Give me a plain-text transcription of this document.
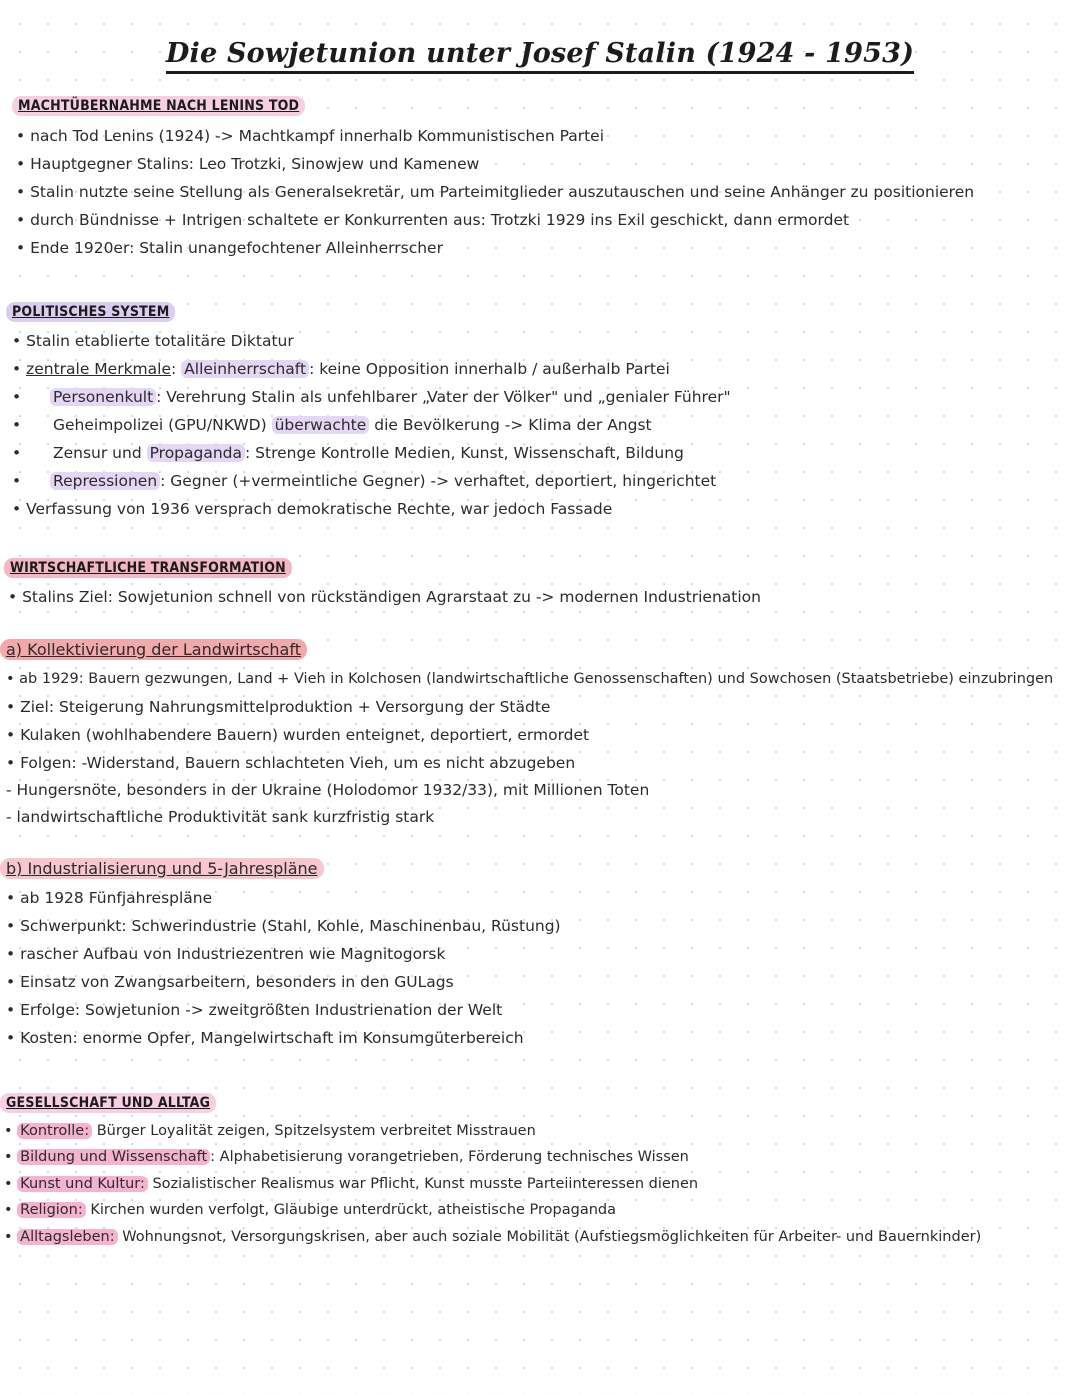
Die Sowjetunion unter Josef Stalin (1924 - 1953)
MACHTÜBERNAHME NACH LENINS TOD
• nach Tod Lenins (1924) -> Machtkampf innerhalb Kommunistischen Partei
• Hauptgegner Stalins: Leo Trotzki, Sinowjew und Kamenew
• Stalin nutzte seine Stellung als Generalsekretär, um Parteimitglieder auszutauschen und seine Anhänger zu positionieren
• durch Bündnisse + Intrigen schaltete er Konkurrenten aus: Trotzki 1929 ins Exil geschickt, dann ermordet
• Ende 1920er: Stalin unangefochtener Alleinherrscher
POLITISCHES SYSTEM
• Stalin etablierte totalitäre Diktatur
• zentrale Merkmale: Alleinherrschaft : keine Opposition innerhalb / außerhalb Partei
• Personenkult : Verehrung Stalin als unfehlbarer „Vater der Völker" und „genialer Führer"
• Geheimpolizei (GPU/NKWD) überwachte die Bevölkerung -> Klima der Angst
• Zensur und Propaganda : Strenge Kontrolle Medien, Kunst, Wissenschaft, Bildung
• Repressionen : Gegner (+vermeintliche Gegner) -> verhaftet, deportiert, hingerichtet
• Verfassung von 1936 versprach demokratische Rechte, war jedoch Fassade
WIRTSCHAFTLICHE TRANSFORMATION
• Stalins Ziel: Sowjetunion schnell von rückständigen Agrarstaat zu -> modernen Industrienation
a) Kollektivierung der Landwirtschaft
• ab 1929: Bauern gezwungen, Land + Vieh in Kolchosen (landwirtschaftliche Genossenschaften) und Sowchosen (Staatsbetriebe) einzubringen
• Ziel: Steigerung Nahrungsmittelproduktion + Versorgung der Städte
• Kulaken (wohlhabendere Bauern) wurden enteignet, deportiert, ermordet
• Folgen: -Widerstand, Bauern schlachteten Vieh, um es nicht abzugeben
- Hungersnöte, besonders in der Ukraine (Holodomor 1932/33), mit Millionen Toten
- landwirtschaftliche Produktivität sank kurzfristig stark
b) Industrialisierung und 5-Jahrespläne
• ab 1928 Fünfjahrespläne
• Schwerpunkt: Schwerindustrie (Stahl, Kohle, Maschinenbau, Rüstung)
• rascher Aufbau von Industriezentren wie Magnitogorsk
• Einsatz von Zwangsarbeitern, besonders in den GULags
• Erfolge: Sowjetunion -> zweitgrößten Industrienation der Welt
• Kosten: enorme Opfer, Mangelwirtschaft im Konsumgüterbereich
GESELLSCHAFT UND ALLTAG
• Kontrolle: Bürger Loyalität zeigen, Spitzelsystem verbreitet Misstrauen
• Bildung und Wissenschaft : Alphabetisierung vorangetrieben, Förderung technisches Wissen
• Kunst und Kultur: Sozialistischer Realismus war Pflicht, Kunst musste Parteiinteressen dienen
• Religion: Kirchen wurden verfolgt, Gläubige unterdrückt, atheistische Propaganda
• Alltagsleben: Wohnungsnot, Versorgungskrisen, aber auch soziale Mobilität (Aufstiegsmöglichkeiten für Arbeiter- und Bauernkinder)
